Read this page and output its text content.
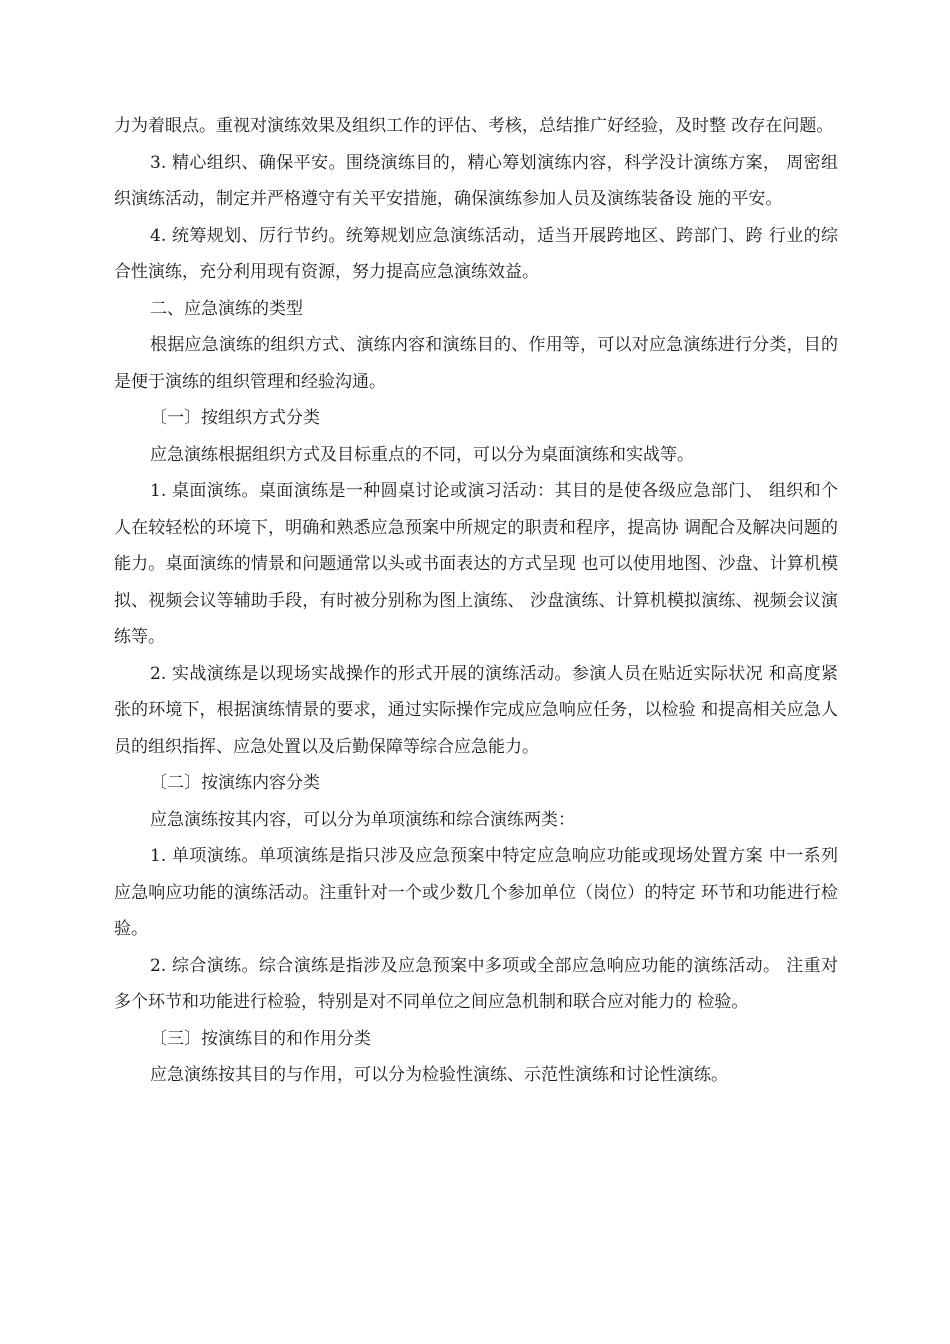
力为着眼点。重视对演练效果及组织工作的评估、考核，总结推广好经验，及时整 改存在问题。

3. 精心组织、确保平安。围绕演练目的，精心筹划演练内容，科学没计演练方案， 周密组织演练活动，制定并严格遵守有关平安措施，确保演练参加人员及演练装备设 施的平安。

4. 统筹规划、厉行节约。统筹规划应急演练活动，适当开展跨地区、跨部门、跨 行业的综合性演练，充分利用现有资源，努力提高应急演练效益。

二、应急演练的类型

根据应急演练的组织方式、演练内容和演练目的、作用等，可以对应急演练进行分类，目的是便于演练的组织管理和经验沟通。

〔一〕按组织方式分类

应急演练根据组织方式及目标重点的不同，可以分为桌面演练和实战等。

1. 桌面演练。桌面演练是一种圆桌讨论或演习活动：其目的是使各级应急部门、 组织和个人在较轻松的环境下，明确和熟悉应急预案中所规定的职责和程序，提高协 调配合及解决问题的能力。桌面演练的情景和问题通常以头或书面表达的方式呈现 也可以使用地图、沙盘、计算机模拟、视频会议等辅助手段，有时被分别称为图上演练、 沙盘演练、计算机模拟演练、视频会议演练等。

2. 实战演练是以现场实战操作的形式开展的演练活动。参演人员在贴近实际状况 和高度紧张的环境下，根据演练情景的要求，通过实际操作完成应急响应任务，以检验 和提高相关应急人员的组织指挥、应急处置以及后勤保障等综合应急能力。

〔二〕按演练内容分类

应急演练按其内容，可以分为单项演练和综合演练两类：

1. 单项演练。单项演练是指只涉及应急预案中特定应急响应功能或现场处置方案 中一系列应急响应功能的演练活动。注重针对一个或少数几个参加单位（岗位）的特定 环节和功能进行检验。

2. 综合演练。综合演练是指涉及应急预案中多项或全部应急响应功能的演练活动。 注重对多个环节和功能进行检验，特别是对不同单位之间应急机制和联合应对能力的 检验。

〔三〕按演练目的和作用分类

应急演练按其目的与作用，可以分为检验性演练、示范性演练和讨论性演练。
